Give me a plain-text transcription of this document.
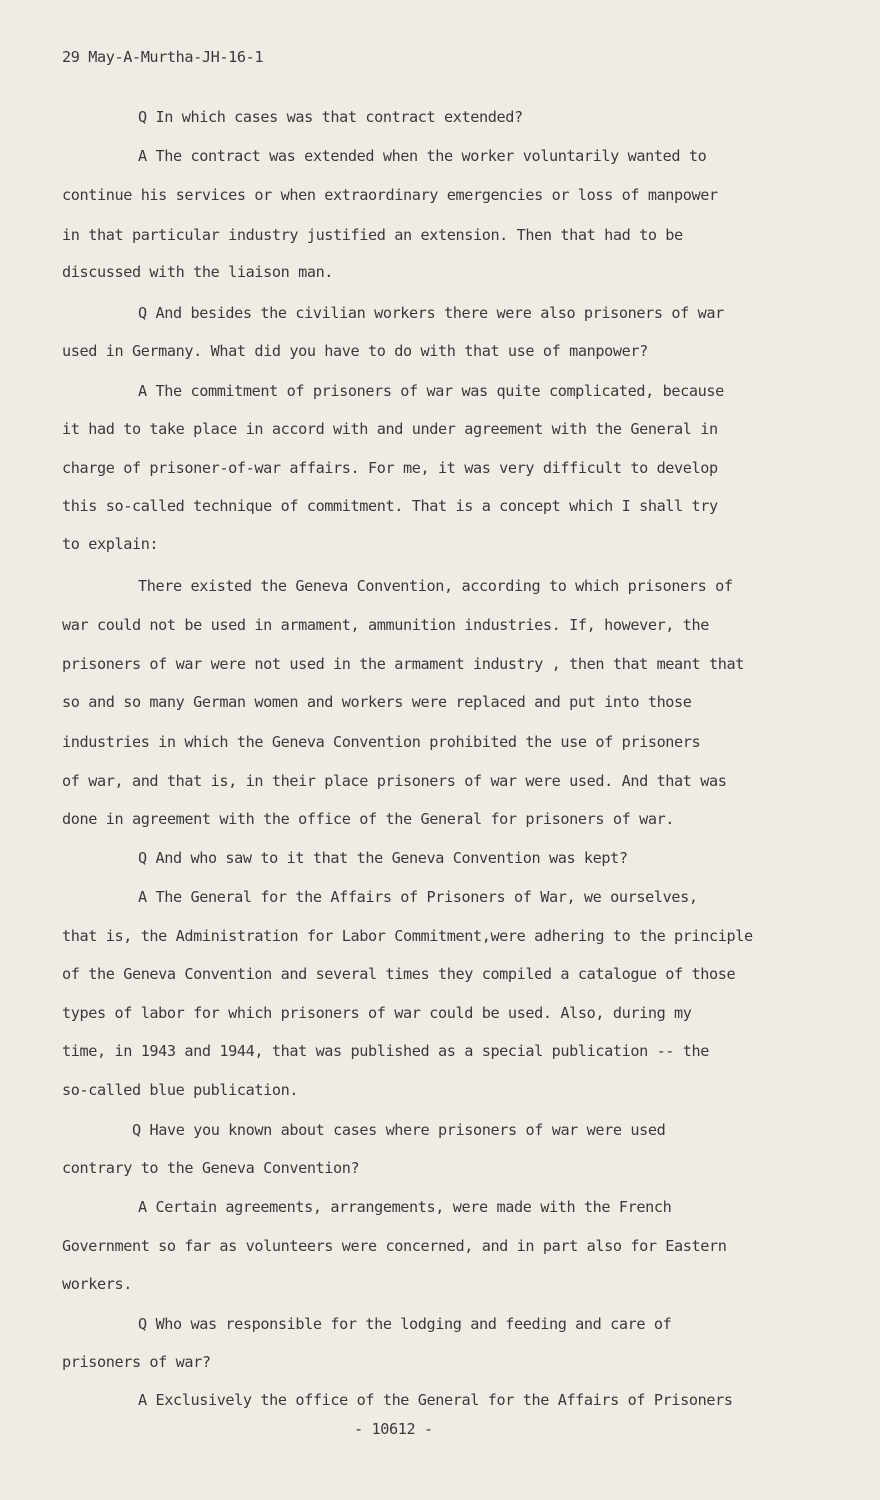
29 May-A-Murtha-JH-16-1
Q In which cases was that contract extended?
A The contract was extended when the worker voluntarily wanted to
continue his services or when extraordinary emergencies or loss of manpower
in that particular industry justified an extension. Then that had to be
discussed with the liaison man.
Q And besides the civilian workers there were also prisoners of war
used in Germany. What did you have to do with that use of manpower?
A The commitment of prisoners of war was quite complicated, because
it had to take place in accord with and under agreement with the General in
charge of prisoner-of-war affairs. For me, it was very difficult to develop
this so-called technique of commitment. That is a concept which I shall try
to explain:
There existed the Geneva Convention, according to which prisoners of
war could not be used in armament, ammunition industries. If, however, the
prisoners of war were not used in the armament industry , then that meant that
so and so many German women and workers were replaced and put into those
industries in which the Geneva Convention prohibited the use of prisoners
of war, and that is, in their place prisoners of war were used. And that was
done in agreement with the office of the General for prisoners of war.
Q And who saw to it that the Geneva Convention was kept?
A The General for the Affairs of Prisoners of War, we ourselves,
that is, the Administration for Labor Commitment,were adhering to the principle
of the Geneva Convention and several times they compiled a catalogue of those
types of labor for which prisoners of war could be used. Also, during my
time, in 1943 and 1944, that was published as a special publication -- the
so-called blue publication.
Q Have you known about cases where prisoners of war were used
contrary to the Geneva Convention?
A Certain agreements, arrangements, were made with the French
Government so far as volunteers were concerned, and in part also for Eastern
workers.
Q Who was responsible for the lodging and feeding and care of
prisoners of war?
A Exclusively the office of the General for the Affairs of Prisoners
- 10612 -
